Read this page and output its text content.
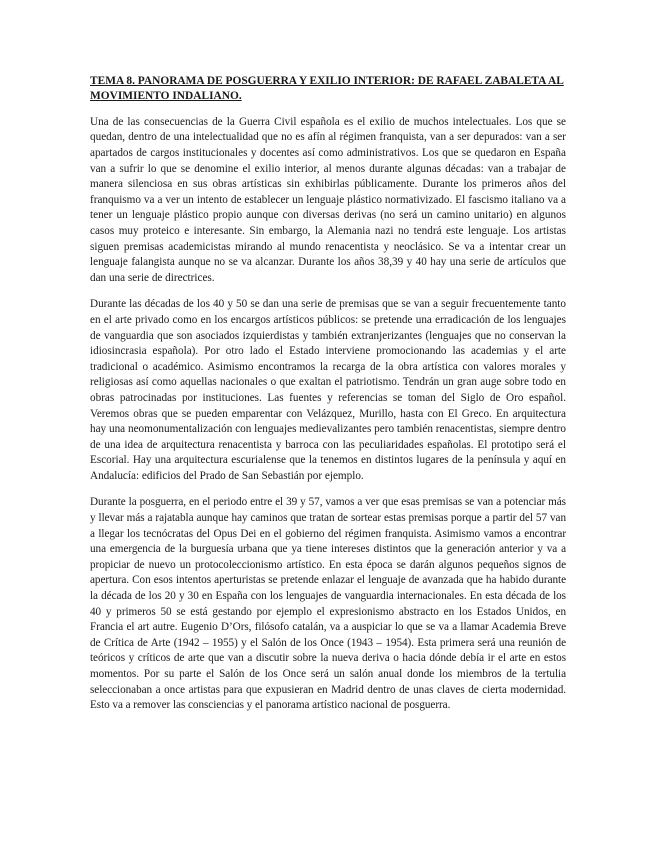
TEMA 8. PANORAMA DE POSGUERRA Y EXILIO INTERIOR: DE RAFAEL ZABALETA AL MOVIMIENTO INDALIANO.

Una de las consecuencias de la Guerra Civil española es el exilio de muchos intelectuales. Los que se quedan, dentro de una intelectualidad que no es afín al régimen franquista, van a ser depurados: van a ser apartados de cargos institucionales y docentes así como administrativos. Los que se quedaron en España van a sufrir lo que se denomine el exilio interior, al menos durante algunas décadas: van a trabajar de manera silenciosa en sus obras artísticas sin exhibirlas públicamente. Durante los primeros años del franquismo va a ver un intento de establecer un lenguaje plástico normativizado. El fascismo italiano va a tener un lenguaje plástico propio aunque con diversas derivas (no será un camino unitario) en algunos casos muy proteico e interesante. Sin embargo, la Alemania nazi no tendrá este lenguaje. Los artistas siguen premisas academicistas mirando al mundo renacentista y neoclásico. Se va a intentar crear un lenguaje falangista aunque no se va alcanzar. Durante los años 38,39 y 40 hay una serie de artículos que dan una serie de directrices.

Durante las décadas de los 40 y 50 se dan una serie de premisas que se van a seguir frecuentemente tanto en el arte privado como en los encargos artísticos públicos: se pretende una erradicación de los lenguajes de vanguardia que son asociados izquierdistas y también extranjerizantes (lenguajes que no conservan la idiosincrasia española). Por otro lado el Estado interviene promocionando las academias y el arte tradicional o académico. Asimismo encontramos la recarga de la obra artística con valores morales y religiosas así como aquellas nacionales o que exaltan el patriotismo. Tendrán un gran auge sobre todo en obras patrocinadas por instituciones. Las fuentes y referencias se toman del Siglo de Oro español. Veremos obras que se pueden emparentar con Velázquez, Murillo, hasta con El Greco. En arquitectura hay una neomonumentalización con lenguajes medievalizantes pero también renacentistas, siempre dentro de una idea de arquitectura renacentista y barroca con las peculiaridades españolas. El prototipo será el Escorial. Hay una arquitectura escurialense que la tenemos en distintos lugares de la península y aquí en Andalucía: edificios del Prado de San Sebastián por ejemplo.

Durante la posguerra, en el periodo entre el 39 y 57, vamos a ver que esas premisas se van a potenciar más y llevar más a rajatabla aunque hay caminos que tratan de sortear estas premisas porque a partir del 57 van a llegar los tecnócratas del Opus Dei en el gobierno del régimen franquista. Asimismo vamos a encontrar una emergencia de la burguesía urbana que ya tiene intereses distintos que la generación anterior y va a propiciar de nuevo un protocoleccionismo artístico. En esta época se darán algunos pequeños signos de apertura. Con esos intentos aperturistas se pretende enlazar el lenguaje de avanzada que ha habido durante la década de los 20 y 30 en España con los lenguajes de vanguardia internacionales. En esta década de los 40 y primeros 50 se está gestando por ejemplo el expresionismo abstracto en los Estados Unidos, en Francia el art autre. Eugenio D’Ors, filósofo catalán, va a auspiciar lo que se va a llamar Academia Breve de Crítica de Arte (1942 – 1955) y el Salón de los Once (1943 – 1954). Esta primera será una reunión de teóricos y críticos de arte que van a discutir sobre la nueva deriva o hacia dónde debía ir el arte en estos momentos. Por su parte el Salón de los Once será un salón anual donde los miembros de la tertulia seleccionaban a once artistas para que expusieran en Madrid dentro de unas claves de cierta modernidad. Esto va a remover las consciencias y el panorama artístico nacional de posguerra.
